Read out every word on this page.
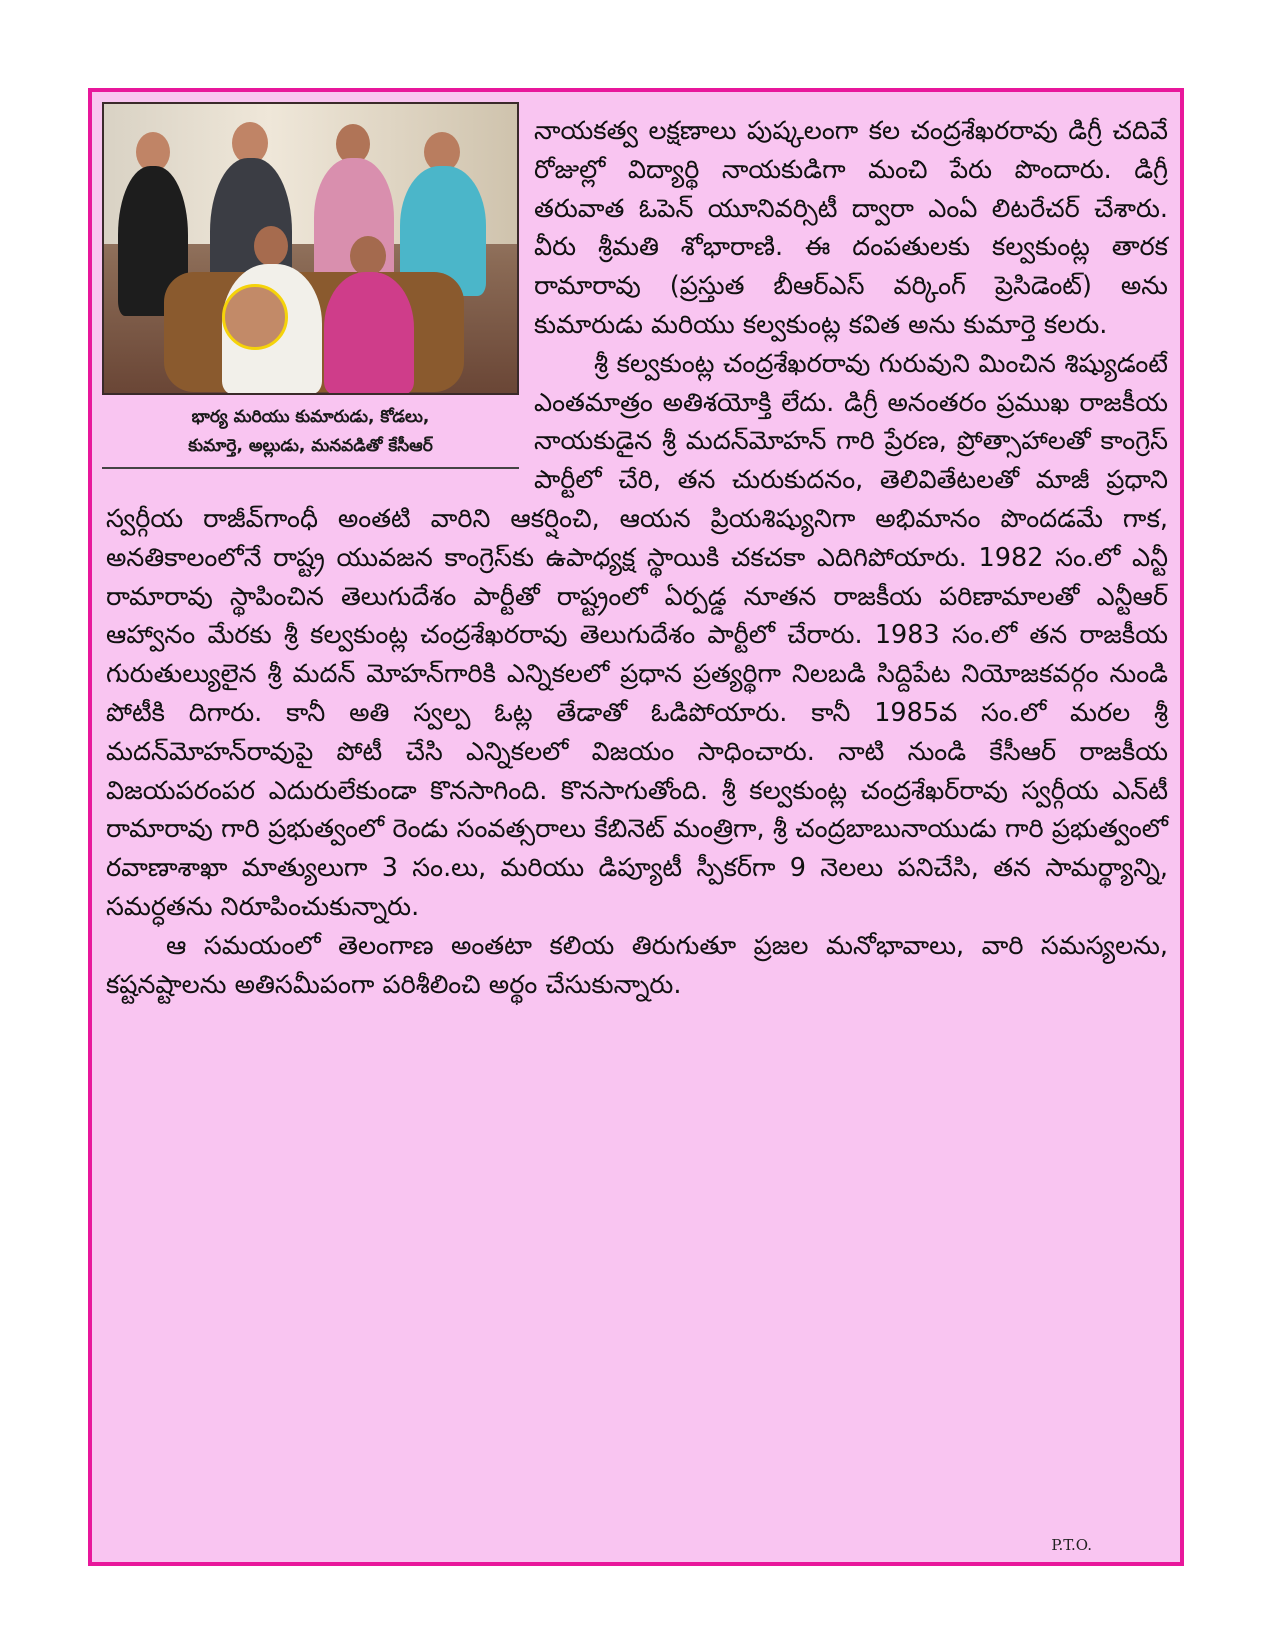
భార్య మరియు కుమారుడు, కోడలు,
కుమార్తె, అల్లుడు, మనవడితో కేసీఆర్

నాయకత్వ లక్షణాలు పుష్కలంగా కల చంద్రశేఖరరావు డిగ్రీ చదివే రోజుల్లో విద్యార్థి నాయకుడిగా మంచి పేరు పొందారు. డిగ్రీ తరువాత ఓపెన్ యూనివర్సిటీ ద్వారా ఎంఏ లిటరేచర్ చేశారు. వీరు శ్రీమతి శోభారాణి. ఈ దంపతులకు కల్వకుంట్ల తారక రామారావు (ప్రస్తుత బీఆర్ఎస్ వర్కింగ్ ప్రెసిడెంట్) అను కుమారుడు మరియు కల్వకుంట్ల కవిత అను కుమార్తె కలరు.

శ్రీ కల్వకుంట్ల చంద్రశేఖరరావు గురువుని మించిన శిష్యుడంటే ఎంతమాత్రం అతిశయోక్తి లేదు. డిగ్రీ అనంతరం ప్రముఖ రాజకీయ నాయకుడైన శ్రీ మదన్‌మోహన్ గారి ప్రేరణ, ప్రోత్సాహాలతో కాంగ్రెస్ పార్టీలో చేరి, తన చురుకుదనం, తెలివితేటలతో మాజీ ప్రధాని స్వర్గీయ రాజీవ్‌గాంధీ అంతటి వారిని ఆకర్షించి, ఆయన ప్రియశిష్యునిగా అభిమానం పొందడమే గాక, అనతికాలంలోనే రాష్ట్ర యువజన కాంగ్రెస్‌కు ఉపాధ్యక్ష స్థాయికి చకచకా ఎదిగిపోయారు. 1982 సం.లో ఎన్టీ రామారావు స్థాపించిన తెలుగుదేశం పార్టీతో రాష్ట్రంలో ఏర్పడ్డ నూతన రాజకీయ పరిణామాలతో ఎన్టీఆర్ ఆహ్వానం మేరకు శ్రీ కల్వకుంట్ల చంద్రశేఖరరావు తెలుగుదేశం పార్టీలో చేరారు. 1983 సం.లో తన రాజకీయ గురుతుల్యులైన శ్రీ మదన్ మోహన్‌గారికి ఎన్నికలలో ప్రధాన ప్రత్యర్థిగా నిలబడి సిద్దిపేట నియోజకవర్గం నుండి పోటీకి దిగారు. కానీ అతి స్వల్ప ఓట్ల తేడాతో ఓడిపోయారు. కానీ 1985వ సం.లో మరల శ్రీ మదన్‌మోహన్‌రావుపై పోటీ చేసి ఎన్నికలలో విజయం సాధించారు. నాటి నుండి కేసీఆర్ రాజకీయ విజయపరంపర ఎదురులేకుండా కొనసాగింది. కొనసాగుతోంది. శ్రీ కల్వకుంట్ల చంద్రశేఖర్‌రావు స్వర్గీయ ఎన్‌టీ రామారావు గారి ప్రభుత్వంలో రెండు సంవత్సరాలు కేబినెట్ మంత్రిగా, శ్రీ చంద్రబాబునాయుడు గారి ప్రభుత్వంలో రవాణాశాఖా మాత్యులుగా 3 సం.లు, మరియు డిప్యూటీ స్పీకర్‌గా 9 నెలలు పనిచేసి, తన సామర్థ్యాన్ని, సమర్ధతను నిరూపించుకున్నారు.

ఆ సమయంలో తెలంగాణ అంతటా కలియ తిరుగుతూ ప్రజల మనోభావాలు, వారి సమస్యలను, కష్టనష్టాలను అతిసమీపంగా పరిశీలించి అర్థం చేసుకున్నారు.

P.T.O.
